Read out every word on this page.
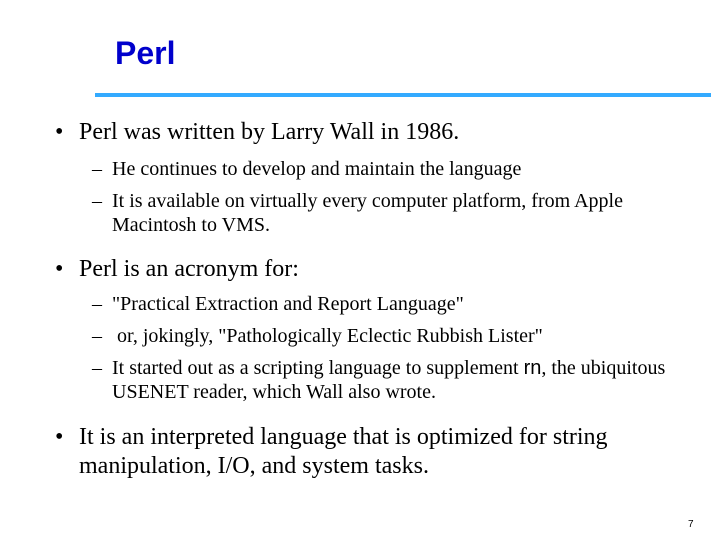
Perl
• Perl was written by Larry Wall in 1986.
– He continues to develop and maintain the language
– It is available on virtually every computer platform, from Apple Macintosh to VMS.
• Perl is an acronym for:
– "Practical Extraction and Report Language"
– or, jokingly, "Pathologically Eclectic Rubbish Lister"
– It started out as a scripting language to supplement rn, the ubiquitous USENET reader, which Wall also wrote.
• It is an interpreted language that is optimized for string manipulation, I/O, and system tasks.
7
